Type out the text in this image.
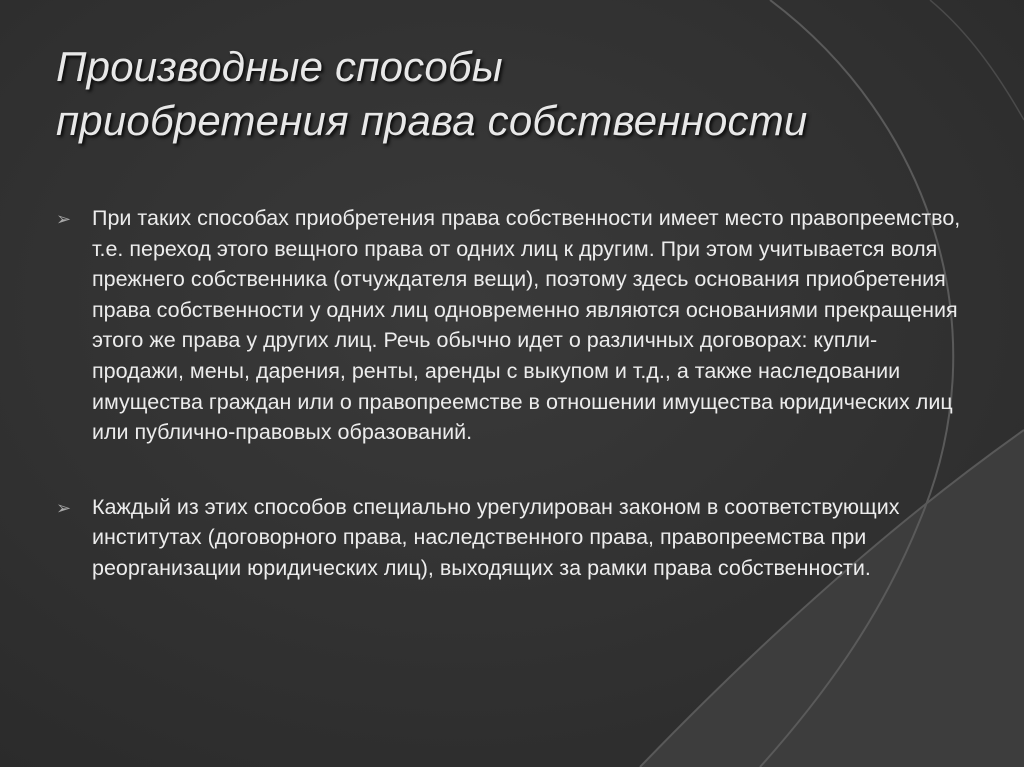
Производные способы
приобретения права собственности
➢ При таких способах приобретения права собственности имеет место правопреемство, т.е. переход этого вещного права от одних лиц к другим. При этом учитывается воля прежнего собственника (отчуждателя вещи), поэтому здесь основания приобретения права собственности у одних лиц одновременно являются основаниями прекращения этого же права у других лиц. Речь обычно идет о различных договорах: купли-продажи, мены, дарения, ренты, аренды с выкупом и т.д., а также наследовании имущества граждан или о правопреемстве в отношении имущества юридических лиц или публично-правовых образований.
➢ Каждый из этих способов специально урегулирован законом в соответствующих институтах (договорного права, наследственного права, правопреемства при реорганизации юридических лиц), выходящих за рамки права собственности.
